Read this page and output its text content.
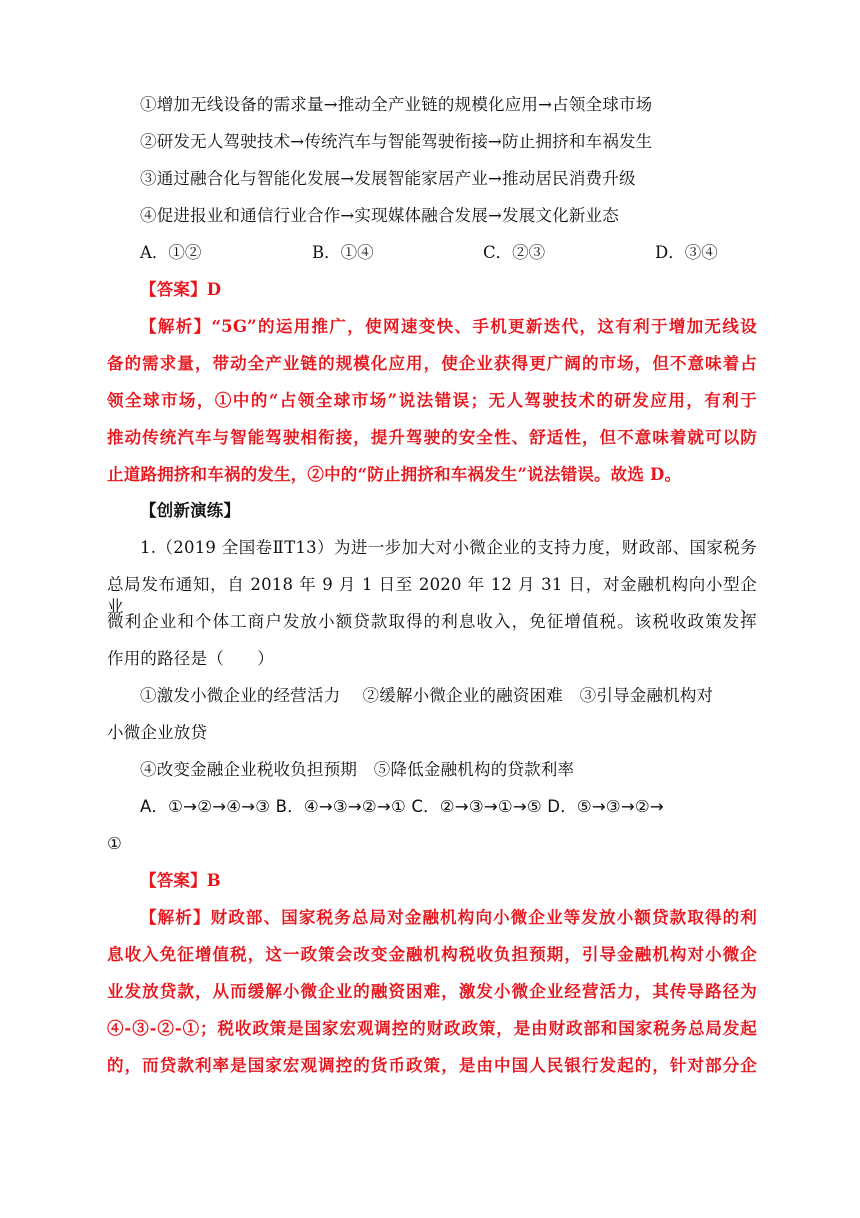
①增加无线设备的需求量→推动全产业链的规模化应用→占领全球市场
②研发无人驾驶技术→传统汽车与智能驾驶衔接→防止拥挤和车祸发生
③通过融合化与智能化发展→发展智能家居产业→推动居民消费升级
④促进报业和通信行业合作→实现媒体融合发展→发展文化新业态
A．①②	B．①④	C．②③	D．③④
【答案】D
【解析】“5G”的运用推广，使网速变快、手机更新迭代，这有利于增加无线设
备的需求量，带动全产业链的规模化应用，使企业获得更广阔的市场，但不意味着占
领全球市场，①中的“占领全球市场”说法错误；无人驾驶技术的研发应用，有利于
推动传统汽车与智能驾驶相衔接，提升驾驶的安全性、舒适性，但不意味着就可以防
止道路拥挤和车祸的发生，②中的“防止拥挤和车祸发生”说法错误。故选 D。
【创新演练】
1.（2019 全国卷ⅡT13）为进一步加大对小微企业的支持力度，财政部、国家税务
总局发布通知，自 2018 年 9 月 1 日至 2020 年 12 月 31 日，对金融机构向小型企业、
微利企业和个体工商户发放小额贷款取得的利息收入，免征增值税。该税收政策发挥
作用的路径是（　　）
①激发小微企业的经营活力　 ②缓解小微企业的融资困难　③引导金融机构对
小微企业放贷
④改变金融企业税收负担预期　⑤降低金融机构的贷款利率
A．①→②→④→③ B．④→③→②→① C．②→③→①→⑤ D．⑤→③→②→
①
【答案】B
【解析】财政部、国家税务总局对金融机构向小微企业等发放小额贷款取得的利
息收入免征增值税，这一政策会改变金融机构税收负担预期，引导金融机构对小微企
业发放贷款，从而缓解小微企业的融资困难，激发小微企业经营活力，其传导路径为
④-③-②-①；税收政策是国家宏观调控的财政政策，是由财政部和国家税务总局发起
的，而贷款利率是国家宏观调控的货币政策，是由中国人民银行发起的，针对部分企
